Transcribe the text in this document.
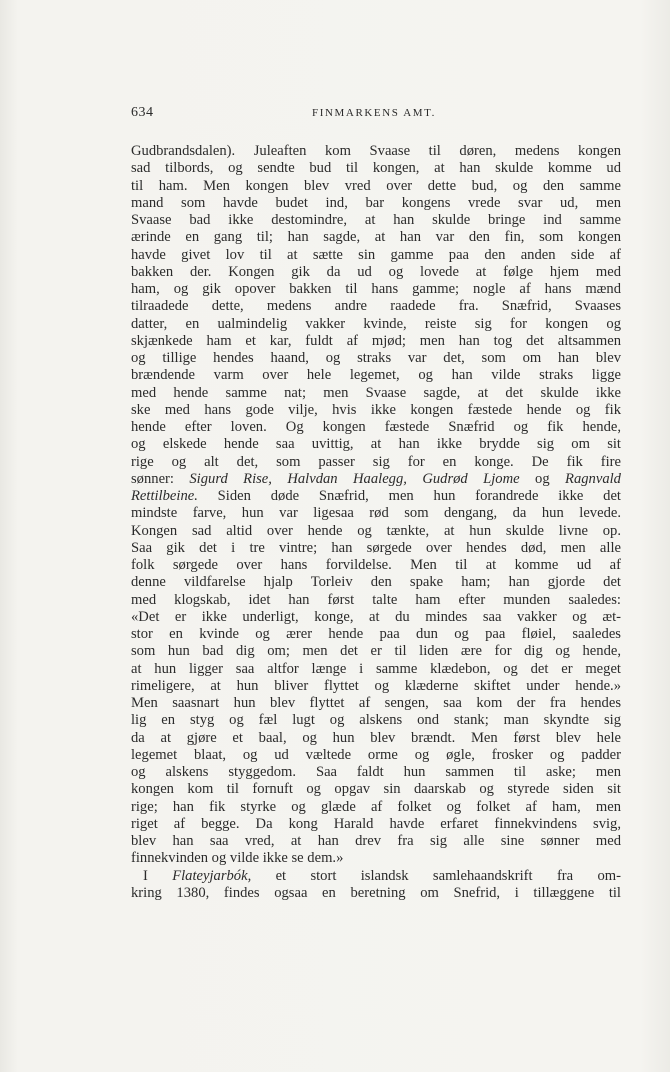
634	FINMARKENS AMT.
Gudbrandsdalen). Juleaften kom Svaase til døren, medens kongen
sad tilbords, og sendte bud til kongen, at han skulde komme ud
til ham. Men kongen blev vred over dette bud, og den samme
mand som havde budet ind, bar kongens vrede svar ud, men
Svaase bad ikke destomindre, at han skulde bringe ind samme
ærinde en gang til; han sagde, at han var den fin, som kongen
havde givet lov til at sætte sin gamme paa den anden side af
bakken der. Kongen gik da ud og lovede at følge hjem med
ham, og gik opover bakken til hans gamme; nogle af hans mænd
tilraadede dette, medens andre raadede fra. Snæfrid, Svaases
datter, en ualmindelig vakker kvinde, reiste sig for kongen og
skjænkede ham et kar, fuldt af mjød; men han tog det altsammen
og tillige hendes haand, og straks var det, som om han blev
brændende varm over hele legemet, og han vilde straks ligge
med hende samme nat; men Svaase sagde, at det skulde ikke
ske med hans gode vilje, hvis ikke kongen fæstede hende og fik
hende efter loven. Og kongen fæstede Snæfrid og fik hende,
og elskede hende saa uvittig, at han ikke brydde sig om sit
rige og alt det, som passer sig for en konge. De fik fire
sønner: Sigurd Rise, Halvdan Haalegg, Gudrød Ljome og Ragnvald
Rettilbeine. Siden døde Snæfrid, men hun forandrede ikke det
mindste farve, hun var ligesaa rød som dengang, da hun levede.
Kongen sad altid over hende og tænkte, at hun skulde livne op.
Saa gik det i tre vintre; han sørgede over hendes død, men alle
folk sørgede over hans forvildelse. Men til at komme ud af
denne vildfarelse hjalp Torleiv den spake ham; han gjorde det
med klogskab, idet han først talte ham efter munden saaledes:
«Det er ikke underligt, konge, at du mindes saa vakker og æt-
stor en kvinde og ærer hende paa dun og paa fløiel, saaledes
som hun bad dig om; men det er til liden ære for dig og hende,
at hun ligger saa altfor længe i samme klædebon, og det er meget
rimeligere, at hun bliver flyttet og klæderne skiftet under hende.»
Men saasnart hun blev flyttet af sengen, saa kom der fra hendes
lig en styg og fæl lugt og alskens ond stank; man skyndte sig
da at gjøre et baal, og hun blev brændt. Men først blev hele
legemet blaat, og ud væltede orme og øgle, frosker og padder
og alskens styggedom. Saa faldt hun sammen til aske; men
kongen kom til fornuft og opgav sin daarskab og styrede siden sit
rige; han fik styrke og glæde af folket og folket af ham, men
riget af begge. Da kong Harald havde erfaret finnekvindens svig,
blev han saa vred, at han drev fra sig alle sine sønner med
finnekvinden og vilde ikke se dem.»
I Flateyjarbók, et stort islandsk samlehaandskrift fra om-
kring 1380, findes ogsaa en beretning om Snefrid, i tillæggene til
